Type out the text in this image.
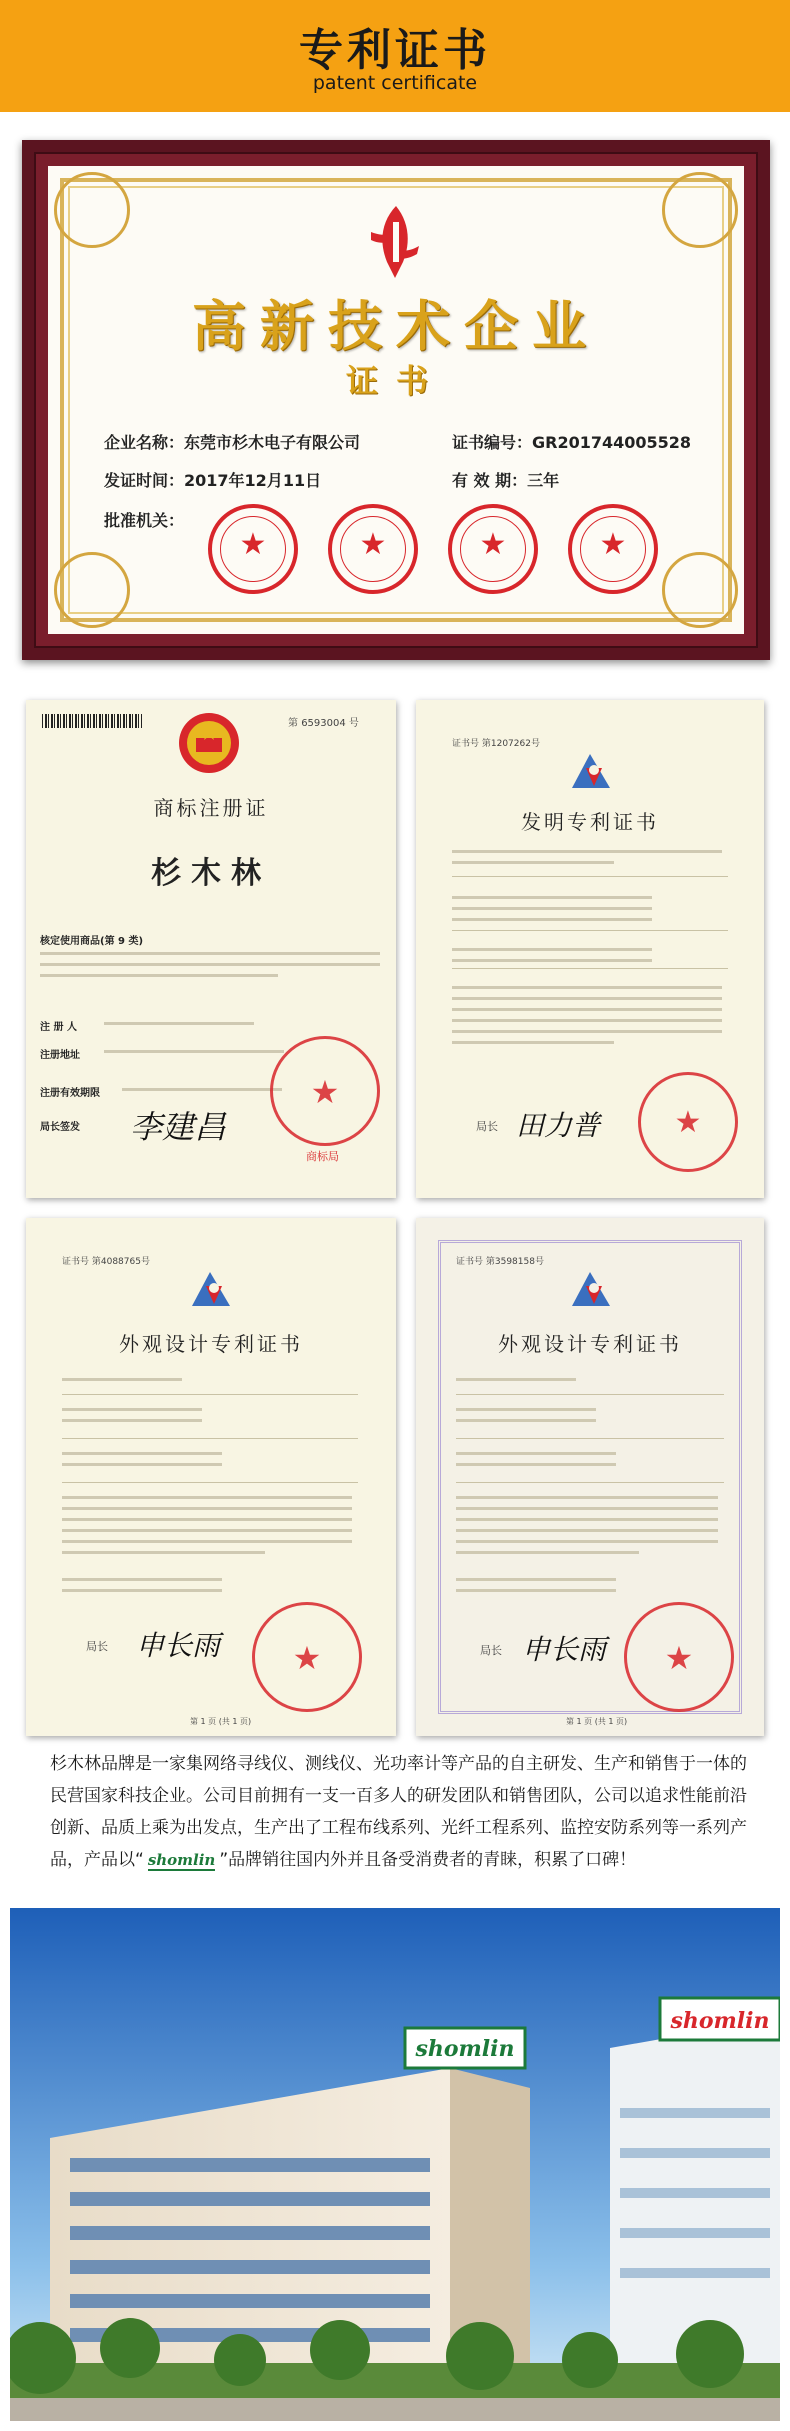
专利证书
patent certificate
高新技术企业
证书
企业名称：东莞市杉木电子有限公司	证书编号：GR201744005528
发证时间：2017年12月11日	有 效 期：三年
批准机关：
★	★	★	★
第 6593004 号
商标注册证
杉木林
核定使用商品(第 9 类)
注 册 人
注册地址
注册有效期限
局长签发 李建昌
★
商标局
证书号 第1207262号
发明专利证书
局长 田力普	★
证书号 第4088765号
外观设计专利证书
局长 申长雨	★
第 1 页 (共 1 页)
证书号 第3598158号
外观设计专利证书
局长 申长雨	★
第 1 页 (共 1 页)
杉木林品牌是一家集网络寻线仪、测线仪、光功率计等产品的自主研发、生产和销售于一体的民营国家科技企业。公司目前拥有一支一百多人的研发团队和销售团队，公司以追求性能前沿创新、品质上乘为出发点，生产出了工程布线系列、光纤工程系列、监控安防系列等一系列产品，产品以“ shomlin ”品牌销往国内外并且备受消费者的青睐，积累了口碑！
shomlin
shomlin
